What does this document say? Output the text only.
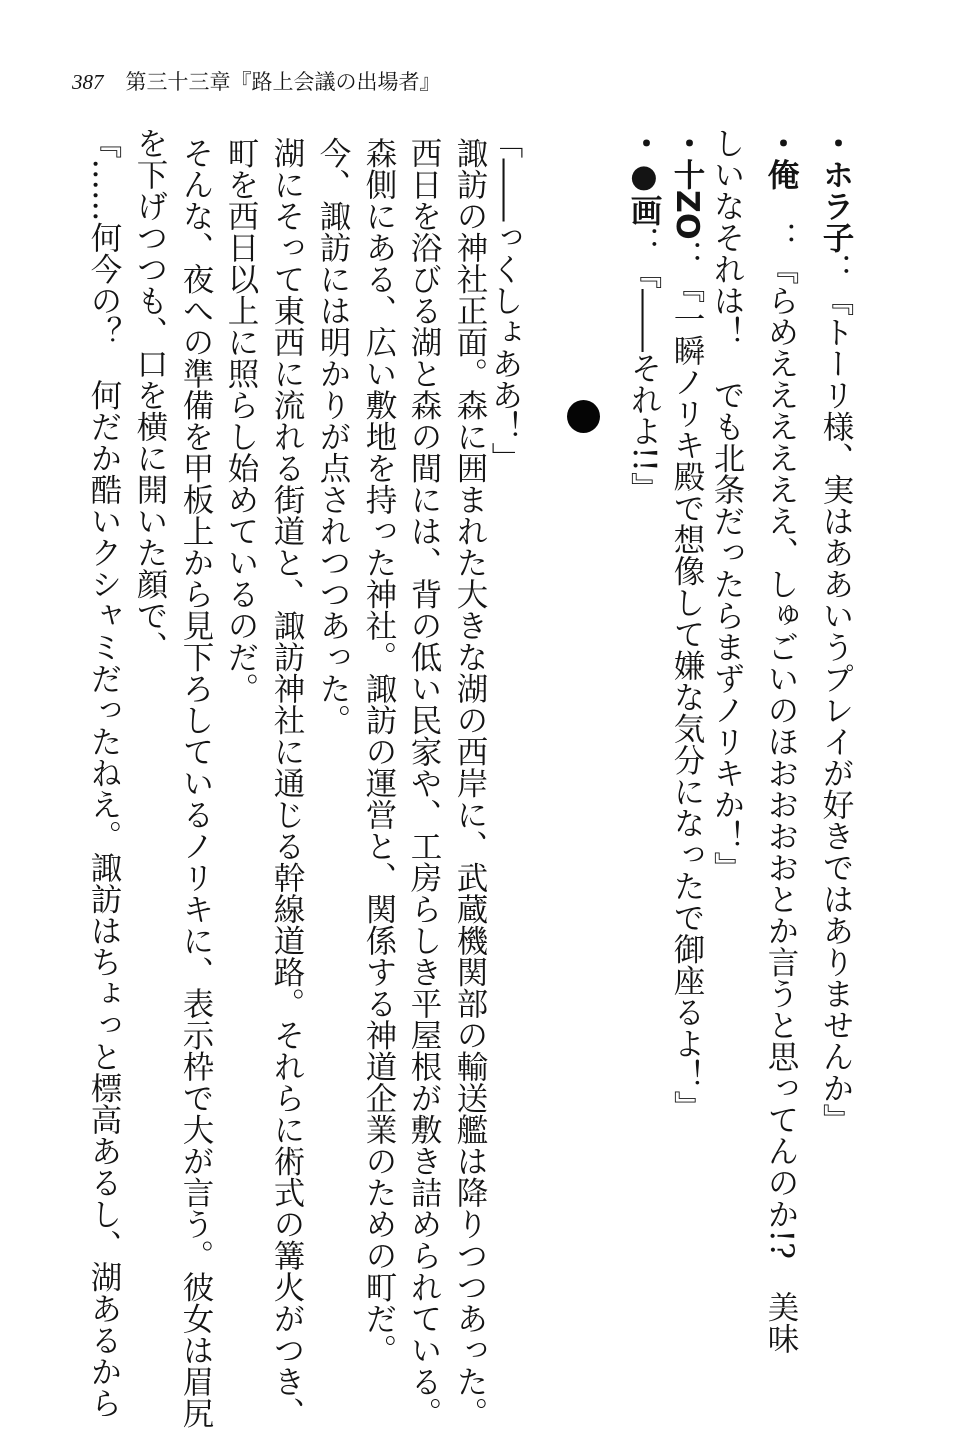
387 第三十三章『路上会議の出場者』
・ホラ子：『トーリ様、実はああいうプレイが好きではありませんか』
・俺　：『らめええええええ、しゅごいのほおおおおとか言うと思ってんのか!?　美味
しいなそれは！　でも北条だったらまずノリキか！』
・十ZO：『一瞬ノリキ殿で想像して嫌な気分になったで御座るよ！』
・●画：『――それよ!!』
「――っくしょああ！」
諏訪の神社正面。森に囲まれた大きな湖の西岸に、武蔵機関部の輸送艦は降りつつあった。
西日を浴びる湖と森の間には、背の低い民家や、工房らしき平屋根が敷き詰められている。
森側にある、広い敷地を持った神社。諏訪の運営と、関係する神道企業のための町だ。
今、諏訪には明かりが点されつつあった。
湖にそって東西に流れる街道と、諏訪神社に通じる幹線道路。それらに術式の篝火がつき、
町を西日以上に照らし始めているのだ。
そんな、夜への準備を甲板上から見下ろしているノリキに、表示枠で大が言う。彼女は眉尻
を下げつつも、口を横に開いた顔で、
『……何今の？　何だか酷いクシャミだったねえ。諏訪はちょっと標高あるし、湖あるから
